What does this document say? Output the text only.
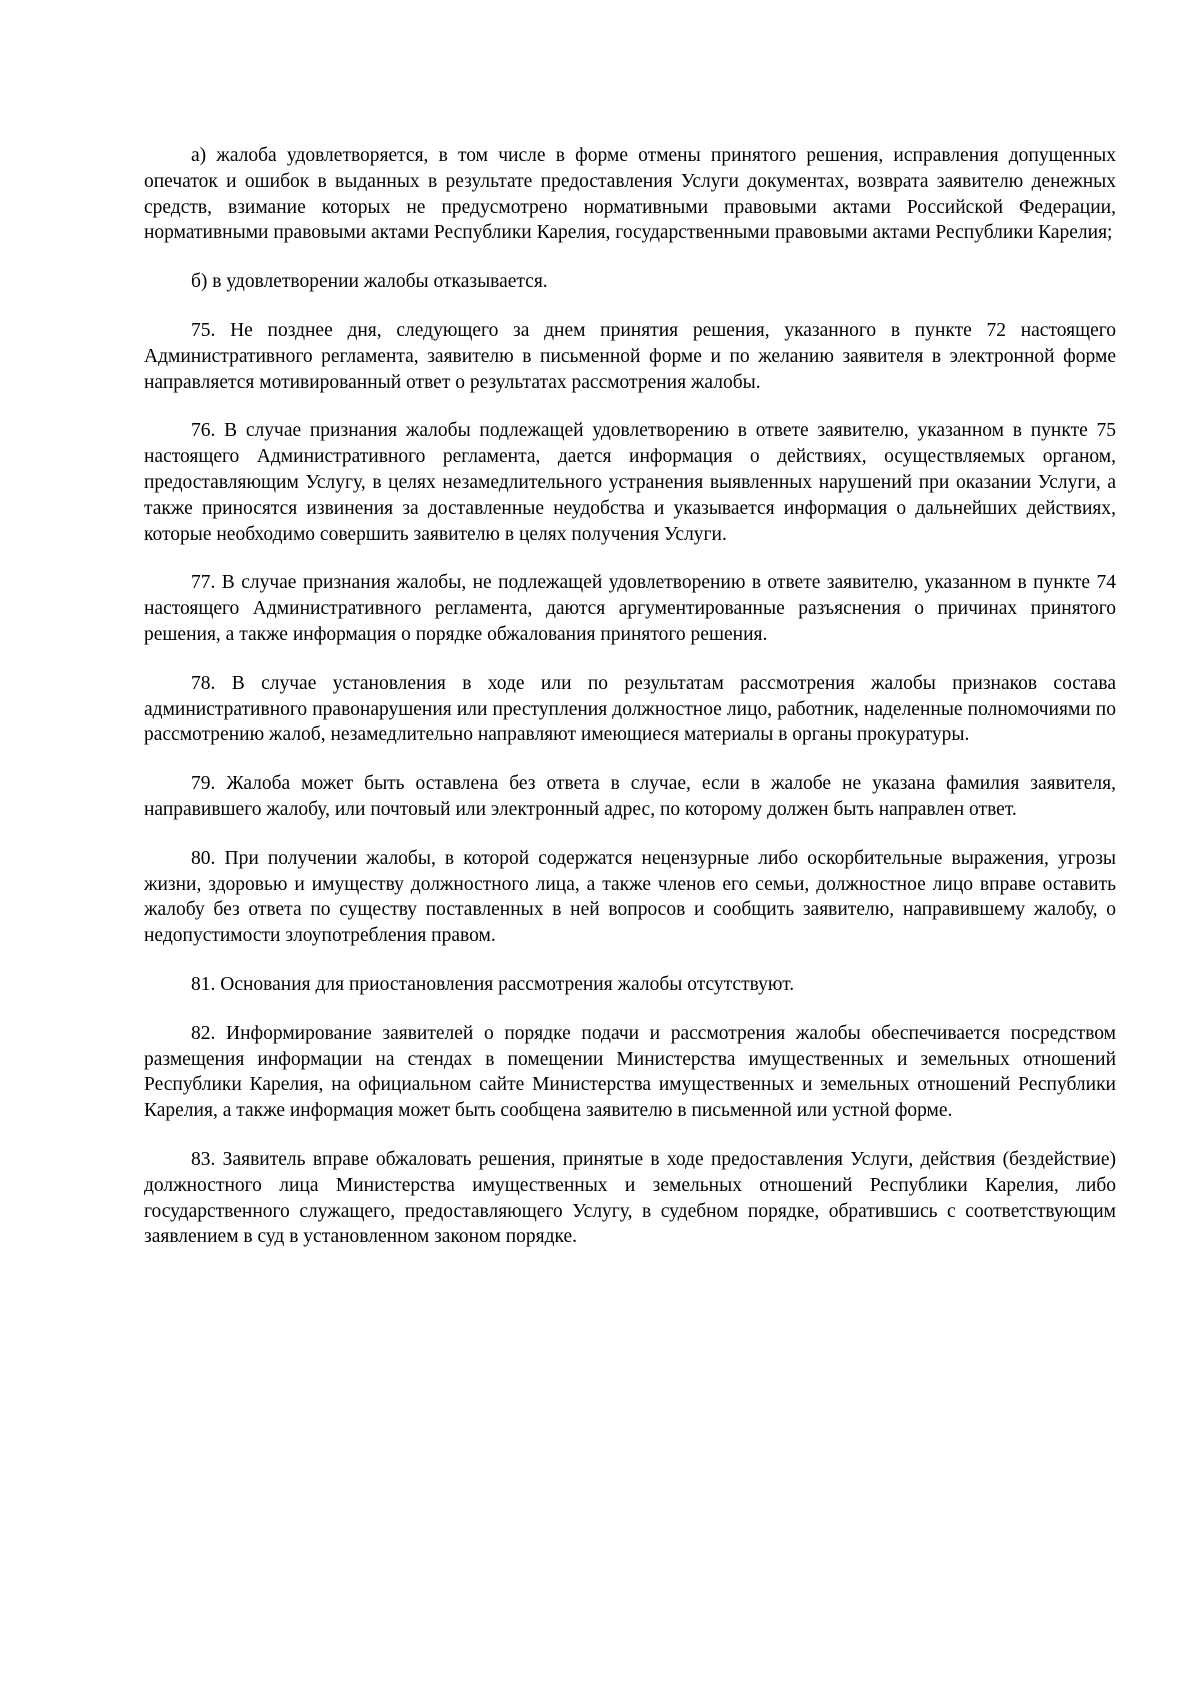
а) жалоба удовлетворяется, в том числе в форме отмены принятого решения, исправления допущенных опечаток и ошибок в выданных в результате предоставления Услуги документах, возврата заявителю денежных средств, взимание которых не предусмотрено нормативными правовыми актами Российской Федерации, нормативными правовыми актами Республики Карелия, государственными правовыми актами Республики Карелия;

б) в удовлетворении жалобы отказывается.

75. Не позднее дня, следующего за днем принятия решения, указанного в пункте 72 настоящего Административного регламента, заявителю в письменной форме и по желанию заявителя в электронной форме направляется мотивированный ответ о результатах рассмотрения жалобы.

76. В случае признания жалобы подлежащей удовлетворению в ответе заявителю, указанном в пункте 75 настоящего Административного регламента, дается информация о действиях, осуществляемых органом, предоставляющим Услугу, в целях незамедлительного устранения выявленных нарушений при оказании Услуги, а также приносятся извинения за доставленные неудобства и указывается информация о дальнейших действиях, которые необходимо совершить заявителю в целях получения Услуги.

77. В случае признания жалобы, не подлежащей удовлетворению в ответе заявителю, указанном в пункте 74 настоящего Административного регламента, даются аргументированные разъяснения о причинах принятого решения, а также информация о порядке обжалования принятого решения.

78. В случае установления в ходе или по результатам рассмотрения жалобы признаков состава административного правонарушения или преступления должностное лицо, работник, наделенные полномочиями по рассмотрению жалоб, незамедлительно направляют имеющиеся материалы в органы прокуратуры.

79. Жалоба может быть оставлена без ответа в случае, если в жалобе не указана фамилия заявителя, направившего жалобу, или почтовый или электронный адрес, по которому должен быть направлен ответ.

80. При получении жалобы, в которой содержатся нецензурные либо оскорбительные выражения, угрозы жизни, здоровью и имуществу должностного лица, а также членов его семьи, должностное лицо вправе оставить жалобу без ответа по существу поставленных в ней вопросов и сообщить заявителю, направившему жалобу, о недопустимости злоупотребления правом.

81. Основания для приостановления рассмотрения жалобы отсутствуют.

82. Информирование заявителей о порядке подачи и рассмотрения жалобы обеспечивается посредством размещения информации на стендах в помещении Министерства имущественных и земельных отношений Республики Карелия, на официальном сайте Министерства имущественных и земельных отношений Республики Карелия, а также информация может быть сообщена заявителю в письменной или устной форме.

83. Заявитель вправе обжаловать решения, принятые в ходе предоставления Услуги, действия (бездействие) должностного лица Министерства имущественных и земельных отношений Республики Карелия, либо государственного служащего, предоставляющего Услугу, в судебном порядке, обратившись с соответствующим заявлением в суд в установленном законом порядке.
